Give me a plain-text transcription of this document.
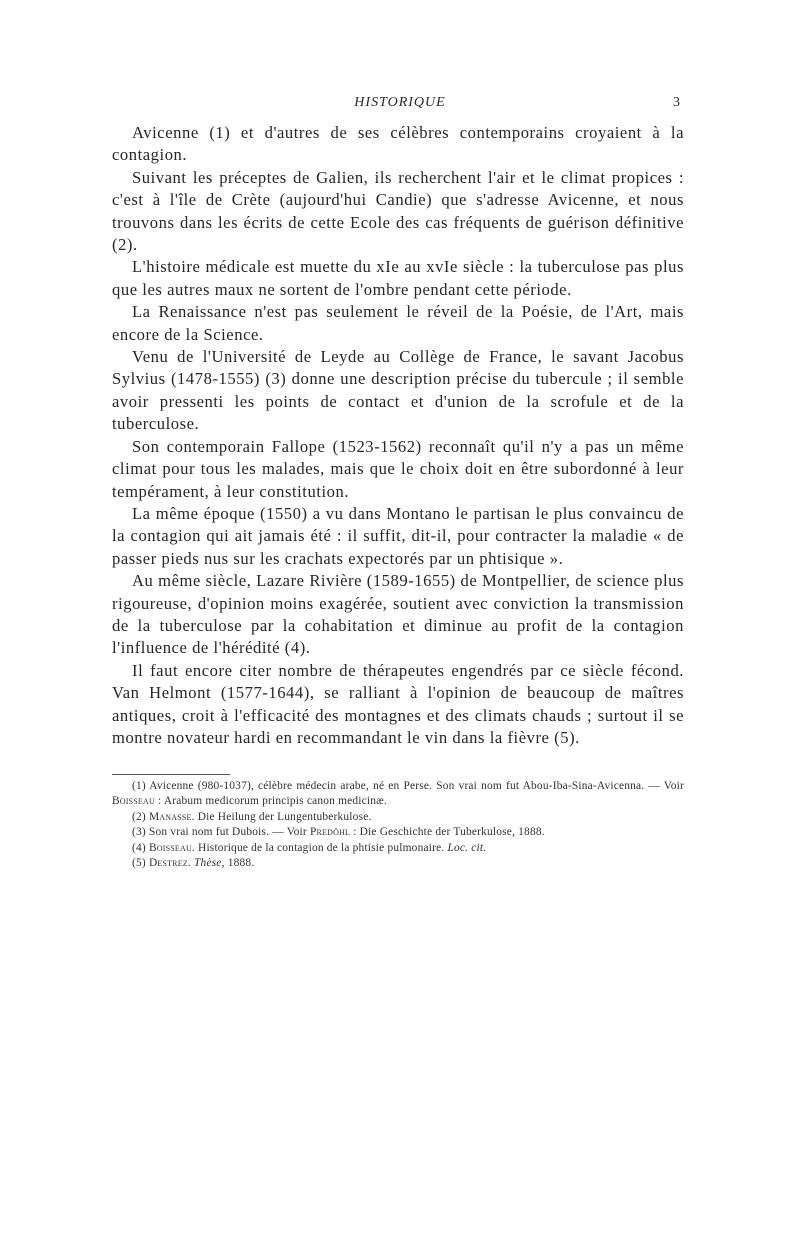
HISTORIQUE	3

Avicenne (1) et d'autres de ses célèbres contemporains croyaient à la contagion.

Suivant les préceptes de Galien, ils recherchent l'air et le climat propices : c'est à l'île de Crète (aujourd'hui Candie) que s'adresse Avicenne, et nous trouvons dans les écrits de cette Ecole des cas fréquents de guérison définitive (2).

L'histoire médicale est muette du xIe au xvIe siècle : la tuberculose pas plus que les autres maux ne sortent de l'ombre pendant cette période.

La Renaissance n'est pas seulement le réveil de la Poésie, de l'Art, mais encore de la Science.

Venu de l'Université de Leyde au Collège de France, le savant Jacobus Sylvius (1478-1555) (3) donne une description précise du tubercule ; il semble avoir pressenti les points de contact et d'union de la scrofule et de la tuberculose.

Son contemporain Fallope (1523-1562) reconnaît qu'il n'y a pas un même climat pour tous les malades, mais que le choix doit en être subordonné à leur tempérament, à leur constitution.

La même époque (1550) a vu dans Montano le partisan le plus convaincu de la contagion qui ait jamais été : il suffit, dit-il, pour contracter la maladie « de passer pieds nus sur les crachats expectorés par un phtisique ».

Au même siècle, Lazare Rivière (1589-1655) de Montpellier, de science plus rigoureuse, d'opinion moins exagérée, soutient avec conviction la transmission de la tuberculose par la cohabitation et diminue au profit de la contagion l'influence de l'hérédité (4).

Il faut encore citer nombre de thérapeutes engendrés par ce siècle fécond. Van Helmont (1577-1644), se ralliant à l'opinion de beaucoup de maîtres antiques, croit à l'efficacité des montagnes et des climats chauds ; surtout il se montre novateur hardi en recommandant le vin dans la fièvre (5).

(1) Avicenne (980-1037), célèbre médecin arabe, né en Perse. Son vrai nom fut Abou-Iba-Sina-Avicenna. — Voir Boisseau : Arabum medicorum principis canon medicinæ.

(2) Manasse. Die Heilung der Lungentuberkulose.

(3) Son vrai nom fut Dubois. — Voir Predöhl : Die Geschichte der Tuberkulose, 1888.

(4) Boisseau. Historique de la contagion de la phtisie pulmonaire. Loc. cit.

(5) Destrez. Thèse, 1888.
